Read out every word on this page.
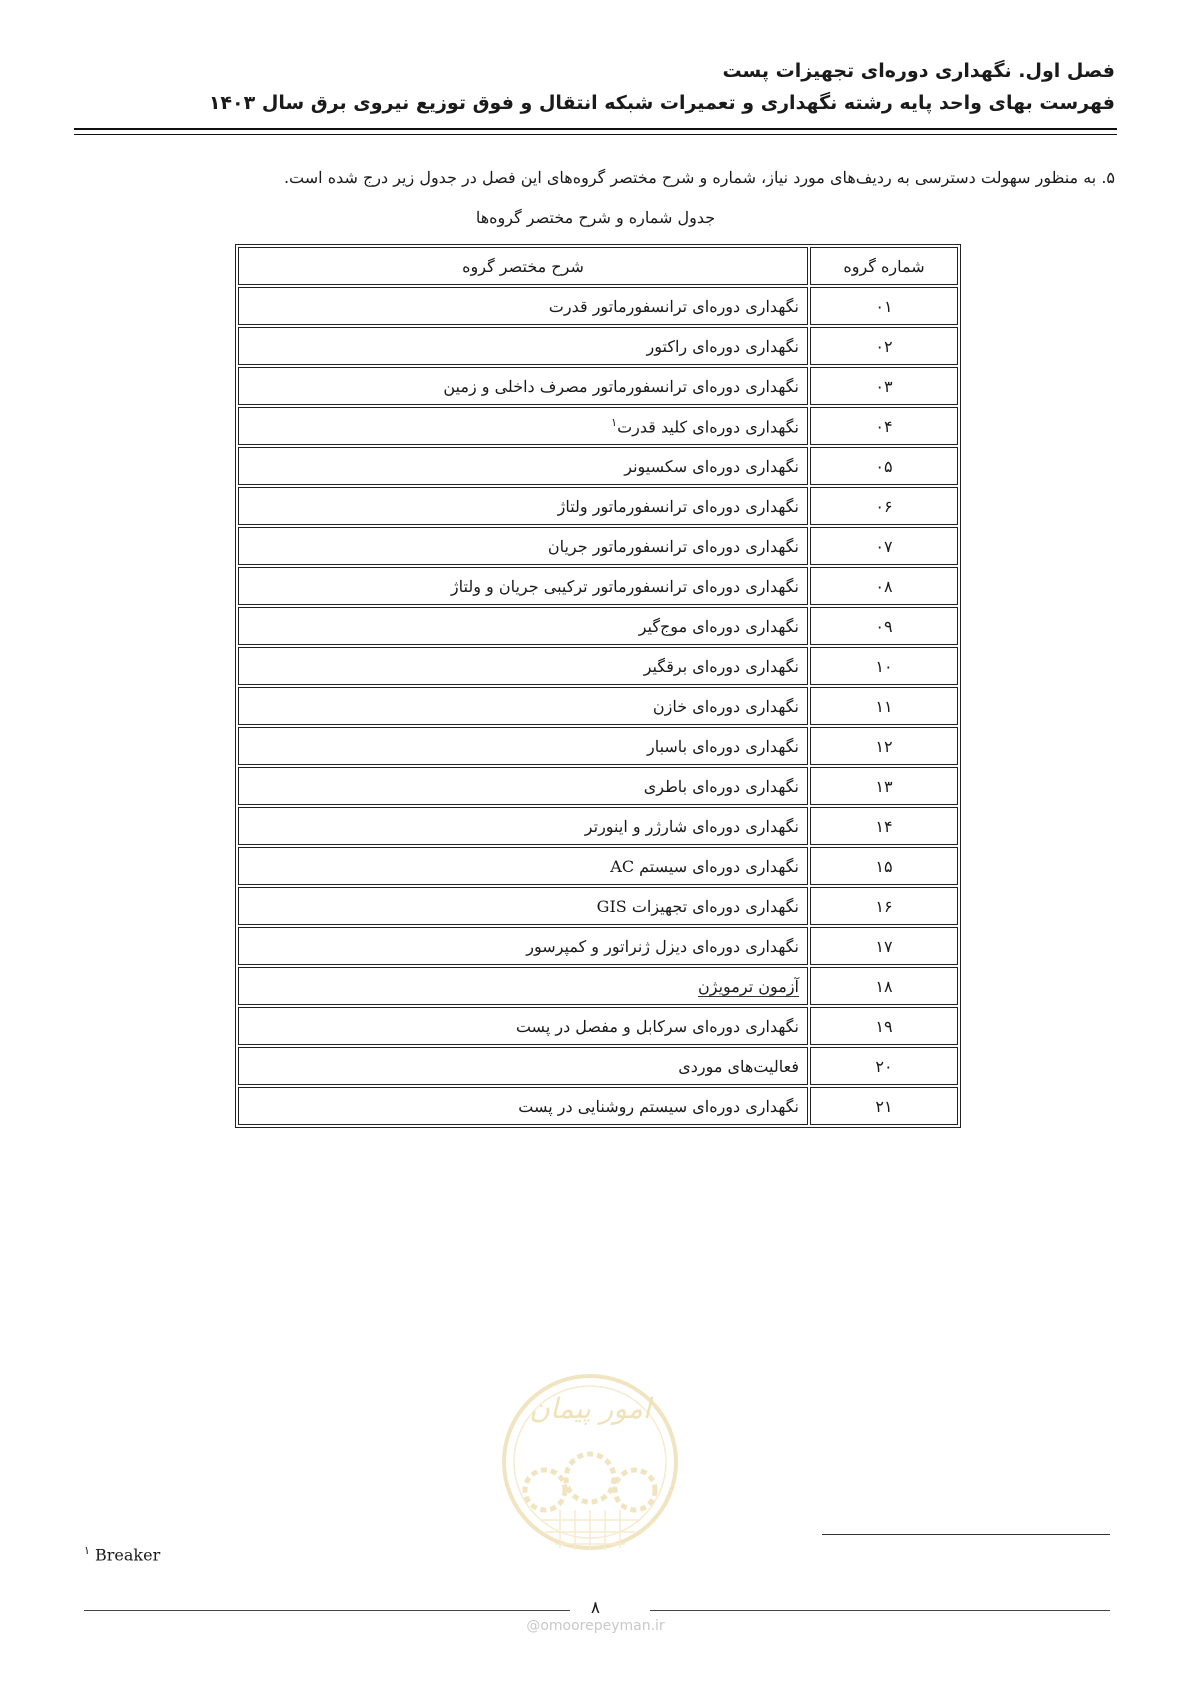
فصل اول. نگهداری دوره‌ای تجهیزات پست
فهرست بهای واحد پایه رشته نگهداری و تعمیرات شبکه انتقال و فوق توزیع نیروی برق سال ۱۴۰۳
۵. به منظور سهولت دسترسی به ردیف‌های مورد نیاز، شماره و شرح مختصر گروه‌های این فصل در جدول زیر درج شده است.
جدول شماره و شرح مختصر گروه‌ها
شماره گروه	شرح مختصر گروه
۰۱	نگهداری دوره‌ای ترانسفورماتور قدرت
۰۲	نگهداری دوره‌ای راکتور
۰۳	نگهداری دوره‌ای ترانسفورماتور مصرف داخلی و زمین
۰۴	نگهداری دوره‌ای کلید قدرت$^۱$
۰۵	نگهداری دوره‌ای سکسیونر
۰۶	نگهداری دوره‌ای ترانسفورماتور ولتاژ
۰۷	نگهداری دوره‌ای ترانسفورماتور جریان
۰۸	نگهداری دوره‌ای ترانسفورماتور ترکیبی جریان و ولتاژ
۰۹	نگهداری دوره‌ای موج‌گیر
۱۰	نگهداری دوره‌ای برقگیر
۱۱	نگهداری دوره‌ای خازن
۱۲	نگهداری دوره‌ای باسبار
۱۳	نگهداری دوره‌ای باطری
۱۴	نگهداری دوره‌ای شارژر و اینورتر
۱۵	نگهداری دوره‌ای سیستم AC
۱۶	نگهداری دوره‌ای تجهیزات GIS
۱۷	نگهداری دوره‌ای دیزل ژنراتور و کمپرسور
۱۸	آزمون ترمویژن
۱۹	نگهداری دوره‌ای سرکابل و مفصل در پست
۲۰	فعالیت‌های موردی
۲۱	نگهداری دوره‌ای سیستم روشنایی در پست
$^۱$ Breaker
امور پیمان
۸
@omoorepeyman.ir
